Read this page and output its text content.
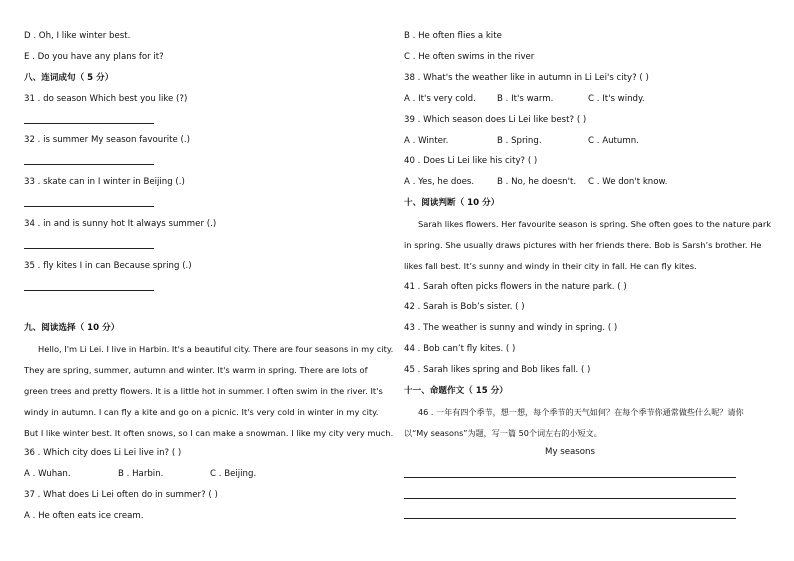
D . Oh, I like winter best.
E . Do you have any plans for it?
八、连词成句（ 5 分）
31 . do season Which best you like (?)
32 . is summer My season favourite (.)
33 . skate can in I winter in Beijing (.)
34 . in and is sunny hot It always summer (.)
35 . fly kites I in can Because spring (.)
九、阅读选择（ 10 分）
Hello, I'm Li Lei. I live in Harbin. It's a beautiful city. There are four seasons in my city.
They are spring, summer, autumn and winter. It's warm in spring. There are lots of
green trees and pretty flowers. It is a little hot in summer. I often swim in the river. It's
windy in autumn. I can fly a kite and go on a picnic. It's very cold in winter in my city.
But I like winter best. It often snows, so I can make a snowman. I like my city very much.
36 . Which city does Li Lei live in? ( )
A . Wuhan.	B . Harbin.	C . Beijing.
37 . What does Li Lei often do in summer? ( )
A . He often eats ice cream.
B . He often flies a kite
C . He often swims in the river
38 . What's the weather like in autumn in Li Lei's city? ( )
A . It's very cold. B . It's warm.	C . It's windy.
39 . Which season does Li Lei like best? ( )
A . Winter.	B . Spring.	C . Autumn.
40 . Does Li Lei like his city? ( )
A . Yes, he does.	B . No, he doesn't. C . We don't know.
十、阅读判断（ 10 分）
Sarah likes flowers. Her favourite season is spring. She often goes to the nature park
in spring. She usually draws pictures with her friends there. Bob is Sarsh’s brother. He
likes fall best. It’s sunny and windy in their city in fall. He can fly kites.
41 . Sarah often picks flowers in the nature park. ( )
42 . Sarah is Bob’s sister. ( )
43 . The weather is sunny and windy in spring. ( )
44 . Bob can’t fly kites. ( )
45 . Sarah likes spring and Bob likes fall. ( )
十一、命题作文（ 15 分）
46 . 一年有四个季节，想一想，每个季节的天气如何？在每个季节你通常做些什么呢？请你
以“My seasons”为题，写一篇 50个词左右的小短文。
My seasons
